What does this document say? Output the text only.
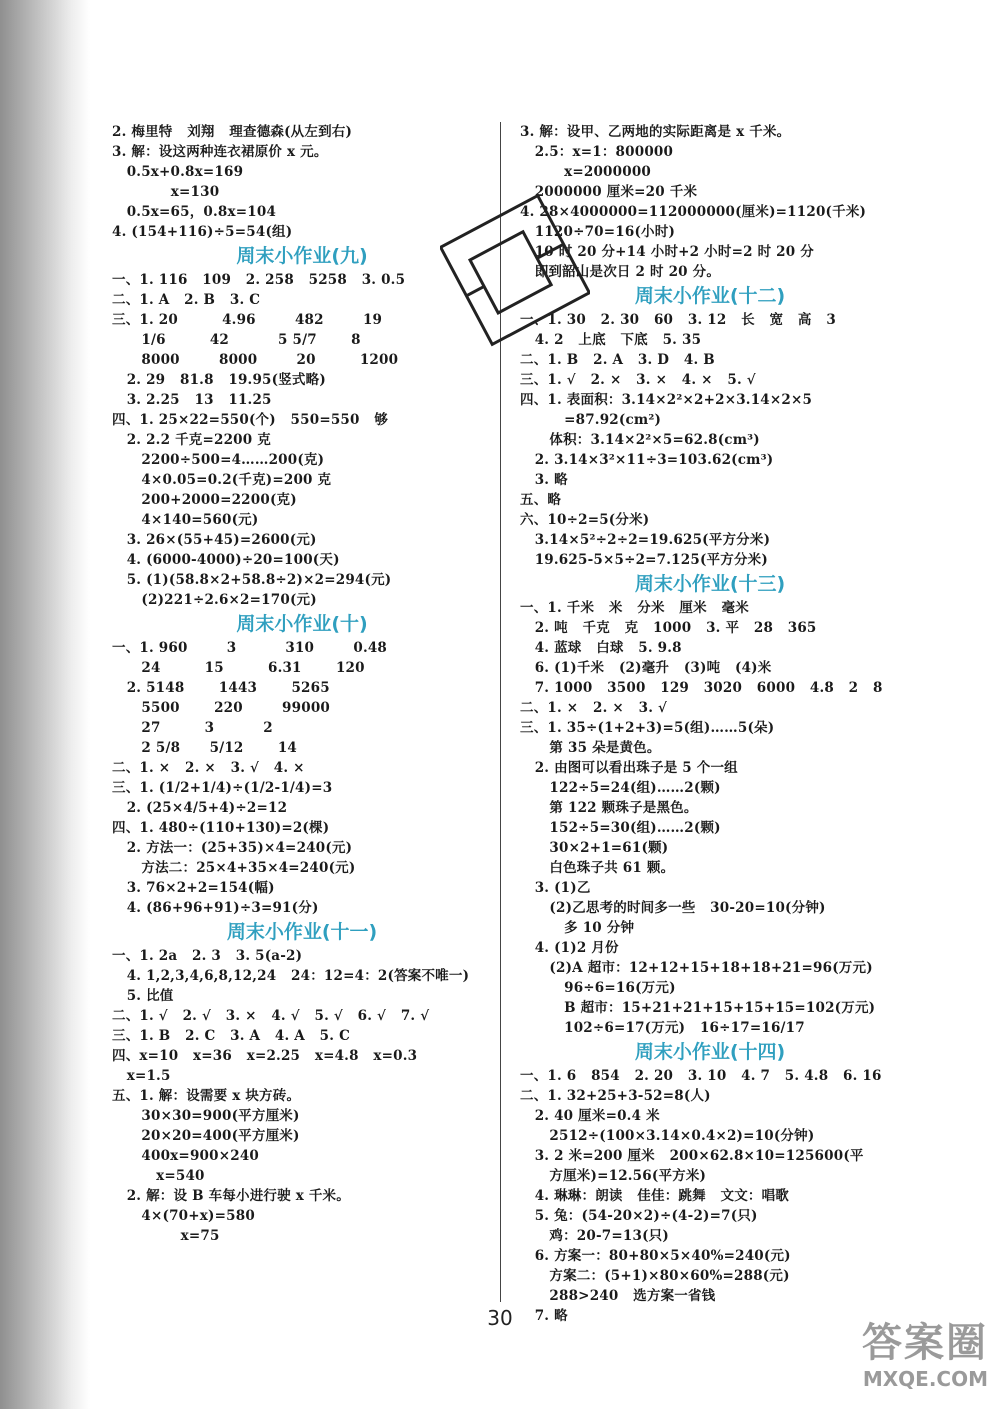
2. 梅里特   刘翔   理查德森(从左到右)
3. 解：设这两种连衣裙原价 x 元。
0.5x+0.8x=169
x=130
0.5x=65，0.8x=104
4. (154+116)÷5=54(组)
周末小作业(九)
一、1. 116   109   2. 258   5258   3. 0.5
二、1. A   2. B   3. C
三、1. 20         4.96        482        19
1/6         42          5 5/7       8
8000        8000        20         1200
2. 29   81.8   19.95(竖式略)
3. 2.25   13   11.25
四、1. 25×22=550(个)   550=550   够
2. 2.2 千克=2200 克
2200÷500=4……200(克)
4×0.05=0.2(千克)=200 克
200+2000=2200(克)
4×140=560(元)
3. 26×(55+45)=2600(元)
4. (6000-4000)÷20=100(天)
5. (1)(58.8×2+58.8÷2)×2=294(元)
(2)221÷2.6×2=170(元)
周末小作业(十)
一、1. 960        3          310        0.48
24         15         6.31       120
2. 5148       1443       5265
5500       220        99000
27         3          2
2 5/8      5/12       14
二、1. ×   2. ×   3. √   4. ×
三、1. (1/2+1/4)÷(1/2-1/4)=3
2. (25×4/5+4)÷2=12
四、1. 480÷(110+130)=2(棵)
2. 方法一：(25+35)×4=240(元)
方法二：25×4+35×4=240(元)
3. 76×2+2=154(幅)
4. (86+96+91)÷3=91(分)
周末小作业(十一)
一、1. 2a   2. 3   3. 5(a-2)
4. 1,2,3,4,6,8,12,24   24：12=4：2(答案不唯一)
5. 比值
二、1. √   2. √   3. ×   4. √   5. √   6. √   7. √
三、1. B   2. C   3. A   4. A   5. C
四、x=10   x=36   x=2.25   x=4.8   x=0.3
x=1.5
五、1. 解：设需要 x 块方砖。
30×30=900(平方厘米)
20×20=400(平方厘米)
400x=900×240
x=540
2. 解：设 B 车每小进行驶 x 千米。
4×(70+x)=580
x=75
3. 解：设甲、乙两地的实际距离是 x 千米。
2.5：x=1：800000
x=2000000
2000000 厘米=20 千米
4. 28×4000000=112000000(厘米)=1120(千米)
1120÷70=16(小时)
10 时 20 分+14 小时+2 小时=2 时 20 分
即到韶山是次日 2 时 20 分。
周末小作业(十二)
一、1. 30   2. 30   60   3. 12   长   宽   高   3
4. 2   上底   下底   5. 35
二、1. B   2. A   3. D   4. B
三、1. √   2. ×   3. ×   4. ×   5. √
四、1. 表面积：3.14×2²×2+2×3.14×2×5
=87.92(cm²)
体积：3.14×2²×5=62.8(cm³)
2. 3.14×3²×11÷3=103.62(cm³)
3. 略
五、略
六、10÷2=5(分米)
3.14×5²÷2÷2=19.625(平方分米)
19.625-5×5÷2=7.125(平方分米)
周末小作业(十三)
一、1. 千米   米   分米   厘米   毫米
2. 吨   千克   克   1000   3. 平   28   365
4. 蓝球   白球   5. 9.8
6. (1)千米   (2)毫升   (3)吨   (4)米
7. 1000   3500   129   3020   6000   4.8   2   8
二、1. ×   2. ×   3. √
三、1. 35÷(1+2+3)=5(组)……5(朵)
第 35 朵是黄色。
2. 由图可以看出珠子是 5 个一组
122÷5=24(组)……2(颗)
第 122 颗珠子是黑色。
152÷5=30(组)……2(颗)
30×2+1=61(颗)
白色珠子共 61 颗。
3. (1)乙
(2)乙思考的时间多一些   30-20=10(分钟)
多 10 分钟
4. (1)2 月份
(2)A 超市：12+12+15+18+18+21=96(万元)
96÷6=16(万元)
B 超市：15+21+21+15+15+15=102(万元)
102÷6=17(万元)   16÷17=16/17
周末小作业(十四)
一、1. 6   854   2. 20   3. 10   4. 7   5. 4.8   6. 16
二、1. 32+25+3-52=8(人)
2. 40 厘米=0.4 米
2512÷(100×3.14×0.4×2)=10(分钟)
3. 2 米=200 厘米   200×62.8×10=125600(平
方厘米)=12.56(平方米)
4. 琳琳：朗读   佳佳：跳舞   文文：唱歌
5. 兔：(54-20×2)÷(4-2)=7(只)
鸡：20-7=13(只)
6. 方案一：80+80×5×40%=240(元)
方案二：(5+1)×80×60%=288(元)
288>240   选方案一省钱
7. 略
30
答案圈
MXQE.COM
